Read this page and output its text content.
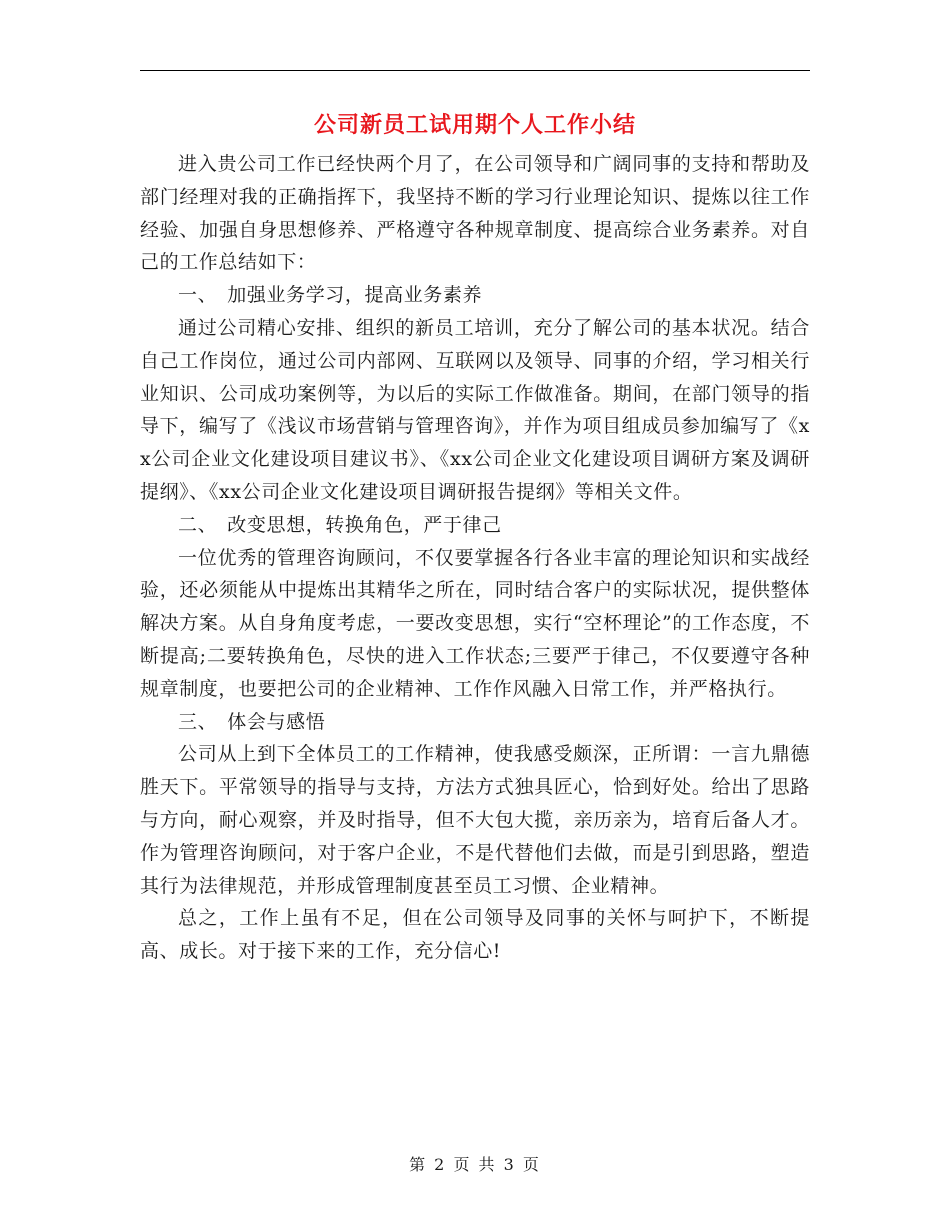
公司新员工试用期个人工作小结

进入贵公司工作已经快两个月了，在公司领导和广阔同事的支持和帮助及部门经理对我的正确指挥下，我坚持不断的学习行业理论知识、提炼以往工作经验、加强自身思想修养、严格遵守各种规章制度、提高综合业务素养。对自己的工作总结如下：

一、　加强业务学习，提高业务素养

通过公司精心安排、组织的新员工培训，充分了解公司的基本状况。结合自己工作岗位，通过公司内部网、互联网以及领导、同事的介绍，学习相关行业知识、公司成功案例等，为以后的实际工作做准备。期间，在部门领导的指导下，编写了《浅议市场营销与管理咨询》，并作为项目组成员参加编写了《xx公司企业文化建设项目建议书》、《xx公司企业文化建设项目调研方案及调研提纲》、《xx公司企业文化建设项目调研报告提纲》等相关文件。

二、　改变思想，转换角色，严于律己

一位优秀的管理咨询顾问，不仅要掌握各行各业丰富的理论知识和实战经验，还必须能从中提炼出其精华之所在，同时结合客户的实际状况，提供整体解决方案。从自身角度考虑，一要改变思想，实行“空杯理论”的工作态度，不断提高;二要转换角色，尽快的进入工作状态;三要严于律己，不仅要遵守各种规章制度，也要把公司的企业精神、工作作风融入日常工作，并严格执行。

三、　体会与感悟

公司从上到下全体员工的工作精神，使我感受颇深，正所谓：一言九鼎德胜天下。平常领导的指导与支持，方法方式独具匠心，恰到好处。给出了思路与方向，耐心观察，并及时指导，但不大包大揽，亲历亲为，培育后备人才。作为管理咨询顾问，对于客户企业，不是代替他们去做，而是引到思路，塑造其行为法律规范，并形成管理制度甚至员工习惯、企业精神。

总之，工作上虽有不足，但在公司领导及同事的关怀与呵护下，不断提高、成长。对于接下来的工作，充分信心!

第 2 页 共 3 页
